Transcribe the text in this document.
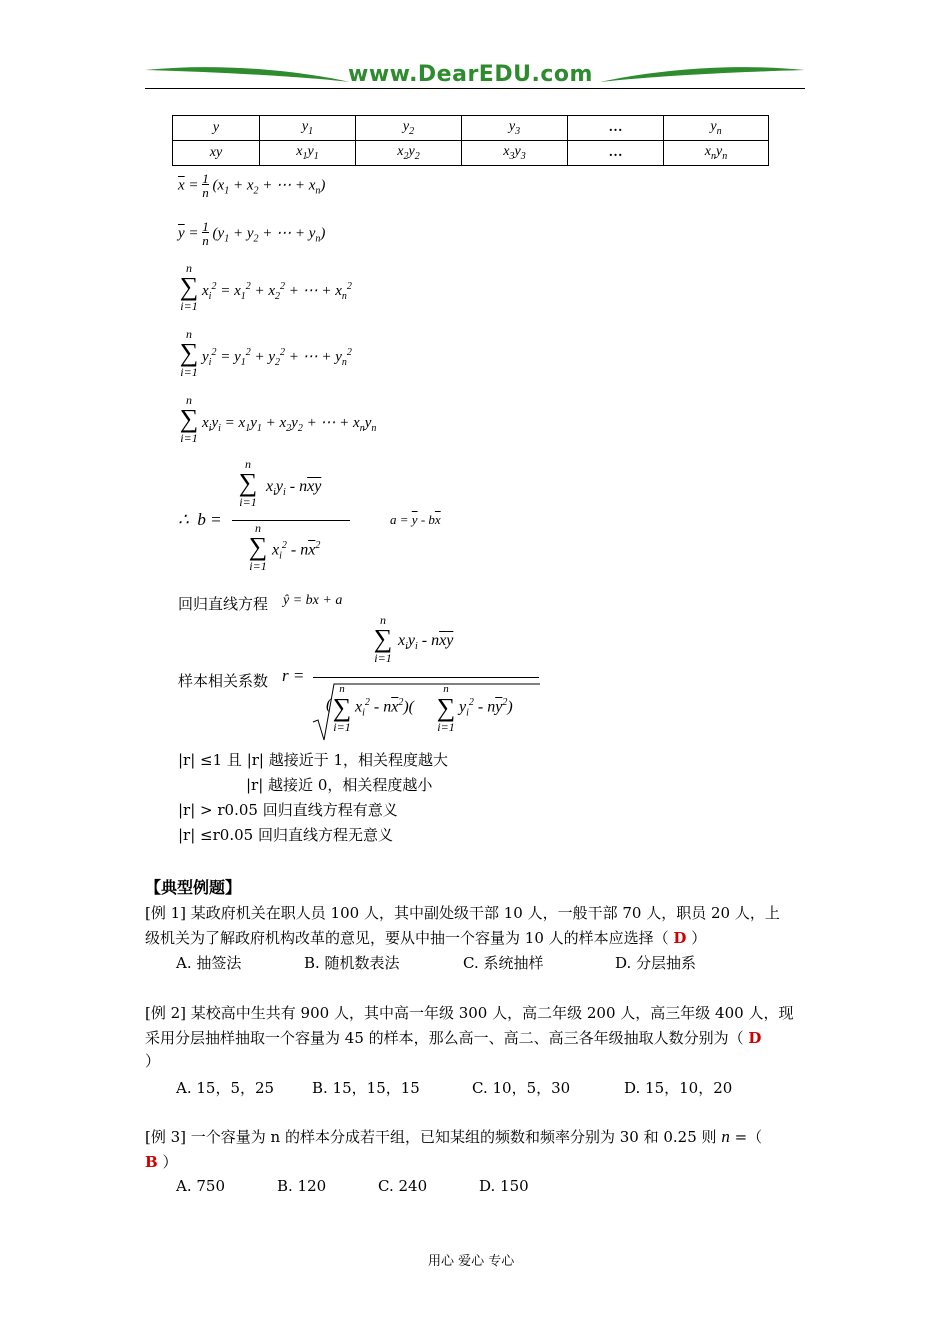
www.DearEDU.com
y	$y_1$	$y_2$	$y_3$	…	$y_n$
xy	$x_1y_1$	$x_2y_2$	$x_3y_3$	…	$x_ny_n$
$\overline{x} = 1$
n ($x_1 + x_2$ + ⋯ + $x_n$)
$\overline{y} = 1$
n ($y_1 + y_2$ + ⋯ + $y_n$)
n
∑
i=1
$x_i^2 = x_1^2 + x_2^2$ + ⋯ + $x_n^2$
n
∑
i=1
$y_i^2 = y_1^2 + y_2^2$ + ⋯ + $y_n^2$
n
∑
i=1
$x_iy_i = x_1y_1 + x_2y_2$ + ⋯ + $x_ny_n$
∴  b =
n
∑
i=1
$x_iy_i - n\overline{x}\overline{y}$
n
∑
i=1
$x_i^2 - n\overline{x}^2$
$a = \overline{y} - b\overline{x}$
回归直线方程 ŷ = bx + a
样本相关系数 r =
n
∑
i=1
$x_iy_i - n\overline{x}\overline{y}$
(
n
∑
i=1
$x_i^2 - n\overline{x}^2$)(
n
∑
i=1
$y_i^2 - n\overline{y}^2$)
|r| ≤1 且 |r| 越接近于 1，相关程度越大
|r| 越接近 0，相关程度越小
|r| > r0.05 回归直线方程有意义
|r| ≤r0.05 回归直线方程无意义
【典型例题】
[例 1] 某政府机关在职人员 100 人，其中副处级干部 10 人，一般干部 70 人，职员 20 人，上
级机关为了解政府机构改革的意见，要从中抽一个容量为 10 人的样本应选择（ D ）
A. 抽签法	B. 随机数表法	C. 系统抽样	D. 分层抽系
[例 2] 某校高中生共有 900 人，其中高一年级 300 人，高二年级 200 人，高三年级 400 人，现
采用分层抽样抽取一个容量为 45 的样本，那么高一、高二、高三各年级抽取人数分别为（ D
）
A. 15，5，25	B. 15，15，15	C. 10，5，30	D. 15，10，20
[例 3] 一个容量为 n 的样本分成若干组，已知某组的频数和频率分别为 30 和 0.25 则 n =（
B ）
A. 750	B. 120	C. 240	D. 150
用心 爱心 专心
